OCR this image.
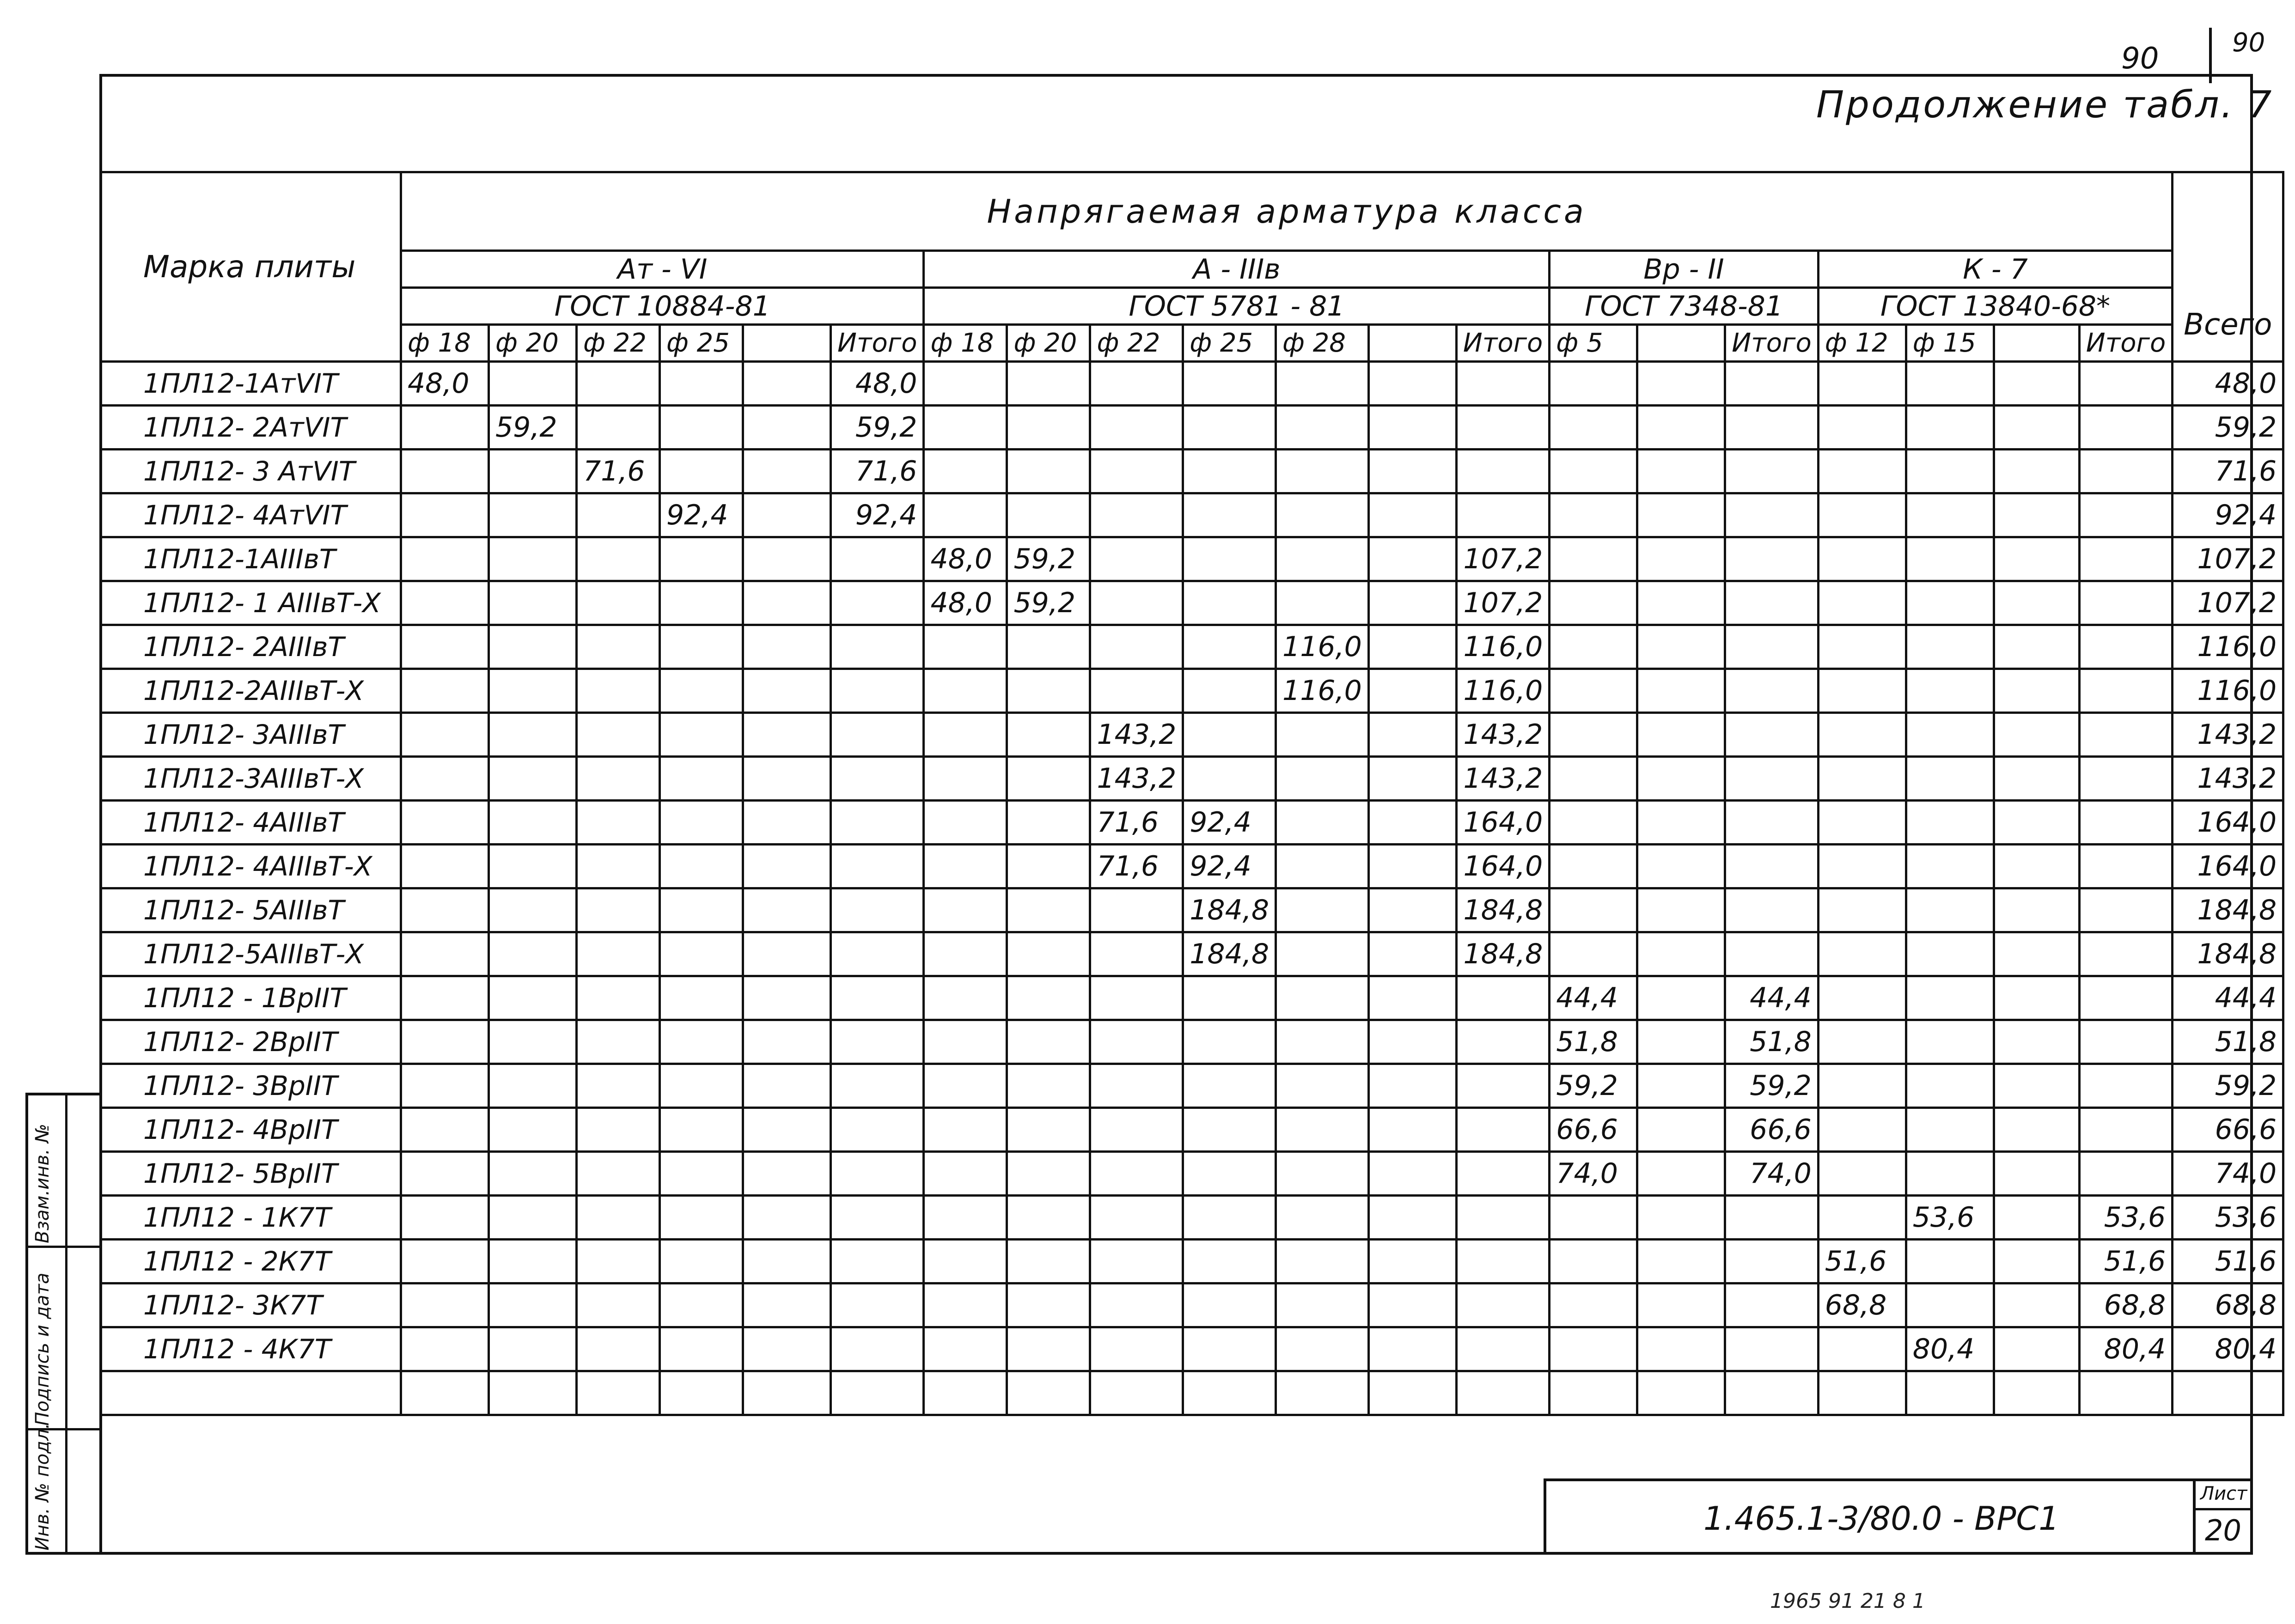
90	90
Продолжение табл. 7
Марка плиты	Напрягаемая арматура класса																				Всего
	Ат - VI						А - IIIв							Вр - II			К - 7				
	ГОСТ 10884-81						ГОСТ 5781 - 81							ГОСТ 7348-81			ГОСТ 13840-68*				
	ф 18	ф 20	ф 22	ф 25		Итого	ф 18	ф 20	ф 22	ф 25	ф 28		Итого	ф 5		Итого	ф 12	ф 15		Итого	
1ПЛ12-1АтVIТ	48,0					48,0															48,0
1ПЛ12- 2АтVIТ		59,2				59,2															59,2
1ПЛ12- 3 АтVIТ			71,6			71,6															71,6
1ПЛ12- 4АтVIТ				92,4		92,4															92,4
1ПЛ12-1АIIIвТ							48,0	59,2					107,2								107,2
1ПЛ12- 1 АIIIвТ-Х							48,0	59,2					107,2								107,2
1ПЛ12- 2АIIIвТ											116,0		116,0								116,0
1ПЛ12-2АIIIвТ-Х											116,0		116,0								116,0
1ПЛ12- 3АIIIвТ									143,2				143,2								143,2
1ПЛ12-3АIIIвТ-Х									143,2				143,2								143,2
1ПЛ12- 4АIIIвТ									71,6	92,4			164,0								164,0
1ПЛ12- 4АIIIвТ-Х									71,6	92,4			164,0								164,0
1ПЛ12- 5АIIIвТ										184,8			184,8								184,8
1ПЛ12-5АIIIвТ-Х										184,8			184,8								184,8
1ПЛ12 - 1ВрIIТ														44,4		44,4					44,4
1ПЛ12- 2ВрIIТ														51,8		51,8					51,8
1ПЛ12- 3ВрIIТ														59,2		59,2					59,2
1ПЛ12- 4ВрIIТ														66,6		66,6					66,6
1ПЛ12- 5ВрIIТ														74,0		74,0					74,0
1ПЛ12 - 1К7Т																		53,6		53,6	53,6
1ПЛ12 - 2К7Т																	51,6			51,6	51,6
1ПЛ12- 3К7Т																	68,8			68,8	68,8
1ПЛ12 - 4К7Т																		80,4		80,4	80,4

1.465.1-3/80.0 - ВРС1
Лист
20
Взам.инв. №
Подпись и дата
Инв. № подл.
1965 91 21 8 1
